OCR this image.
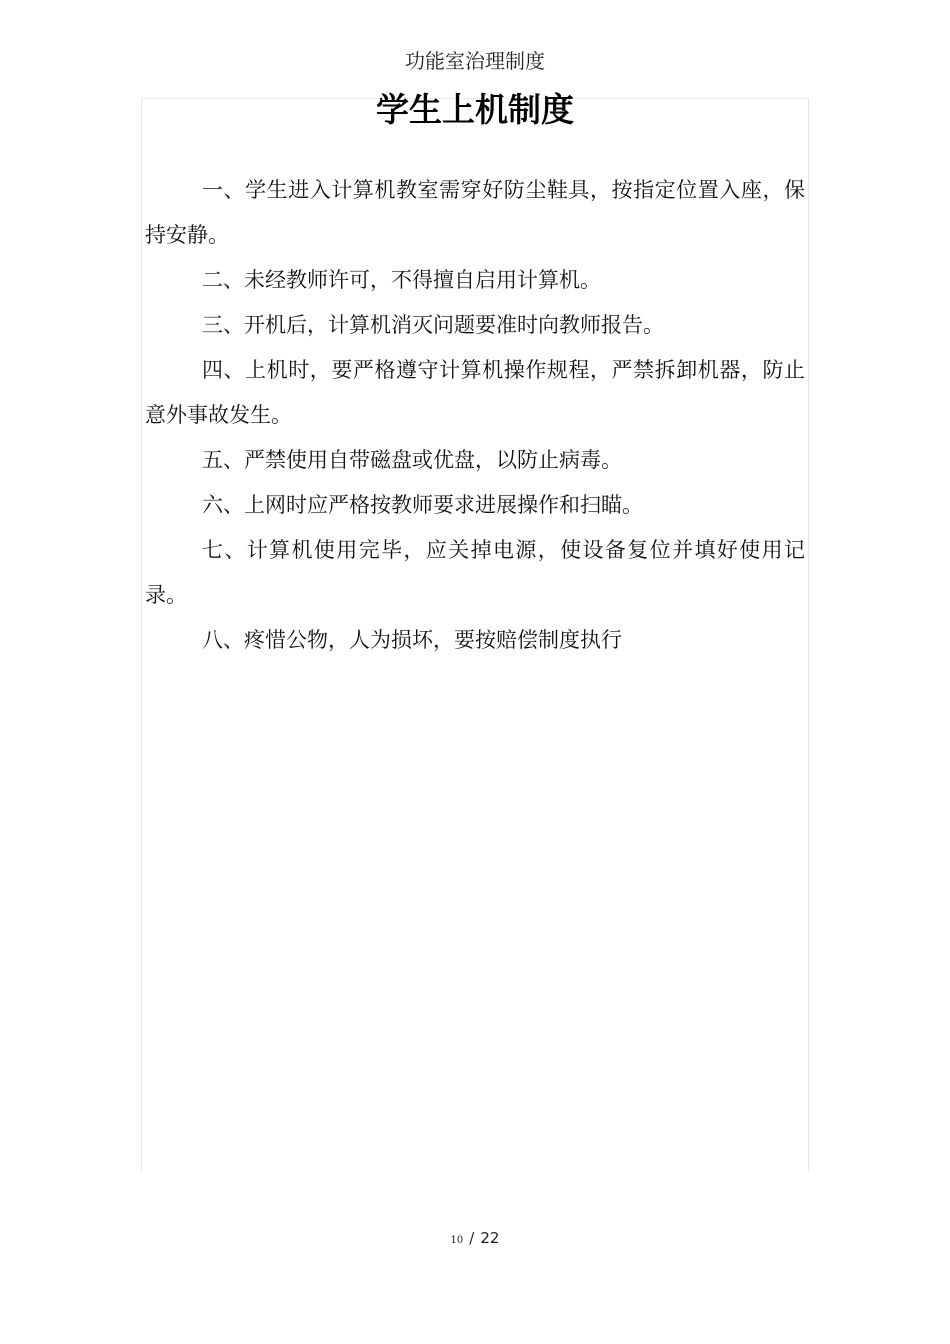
功能室治理制度
学生上机制度

一、学生进入计算机教室需穿好防尘鞋具，按指定位置入座，保持安静。

二、未经教师许可，不得擅自启用计算机。

三、开机后，计算机消灭问题要准时向教师报告。

四、上机时，要严格遵守计算机操作规程，严禁拆卸机器，防止意外事故发生。

五、严禁使用自带磁盘或优盘，以防止病毒。

六、上网时应严格按教师要求进展操作和扫瞄。

七、计算机使用完毕，应关掉电源，使设备复位并填好使用记录。

八、疼惜公物，人为损坏，要按赔偿制度执行

10 / 22
